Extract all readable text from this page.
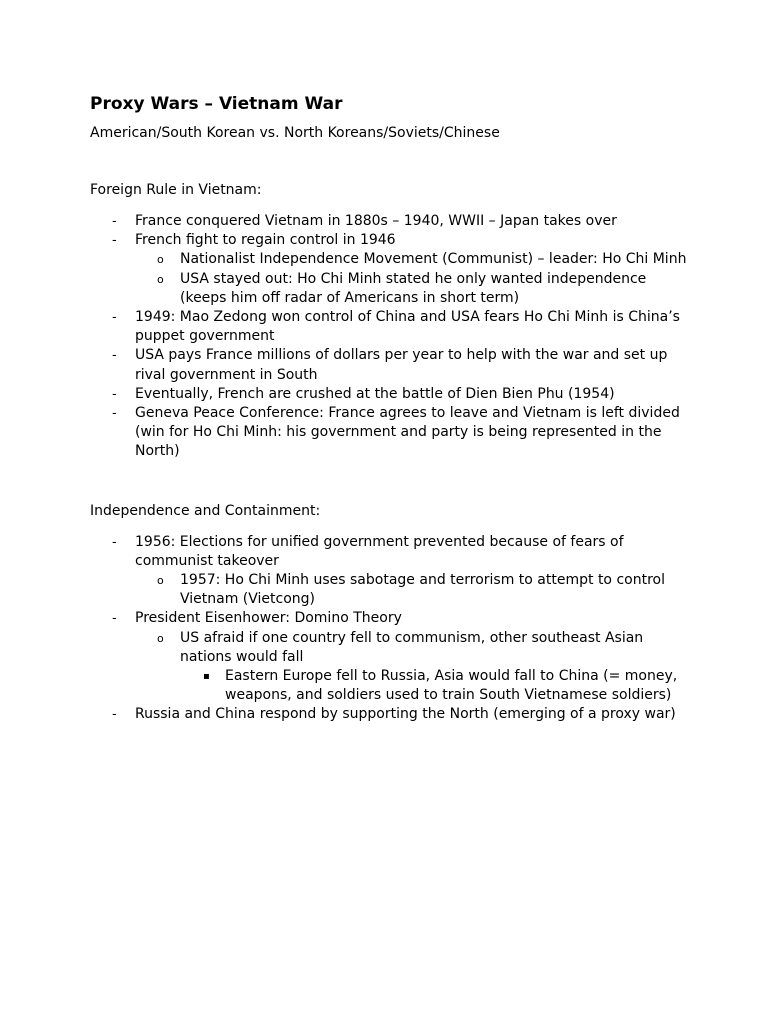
Proxy Wars – Vietnam War

American/South Korean vs. North Koreans/Soviets/Chinese

Foreign Rule in Vietnam:

- France conquered Vietnam in 1880s – 1940, WWII – Japan takes over
- French fight to regain control in 1946
o Nationalist Independence Movement (Communist) – leader: Ho Chi Minh
o USA stayed out: Ho Chi Minh stated he only wanted independence (keeps him off radar of Americans in short term)
- 1949: Mao Zedong won control of China and USA fears Ho Chi Minh is China’s puppet government
- USA pays France millions of dollars per year to help with the war and set up rival government in South
- Eventually, French are crushed at the battle of Dien Bien Phu (1954)
- Geneva Peace Conference: France agrees to leave and Vietnam is left divided (win for Ho Chi Minh: his government and party is being represented in the North)

Independence and Containment:

- 1956: Elections for unified government prevented because of fears of communist takeover
o 1957: Ho Chi Minh uses sabotage and terrorism to attempt to control Vietnam (Vietcong)
- President Eisenhower: Domino Theory
o US afraid if one country fell to communism, other southeast Asian nations would fall
▪ Eastern Europe fell to Russia, Asia would fall to China (= money, weapons, and soldiers used to train South Vietnamese soldiers)
- Russia and China respond by supporting the North (emerging of a proxy war)
